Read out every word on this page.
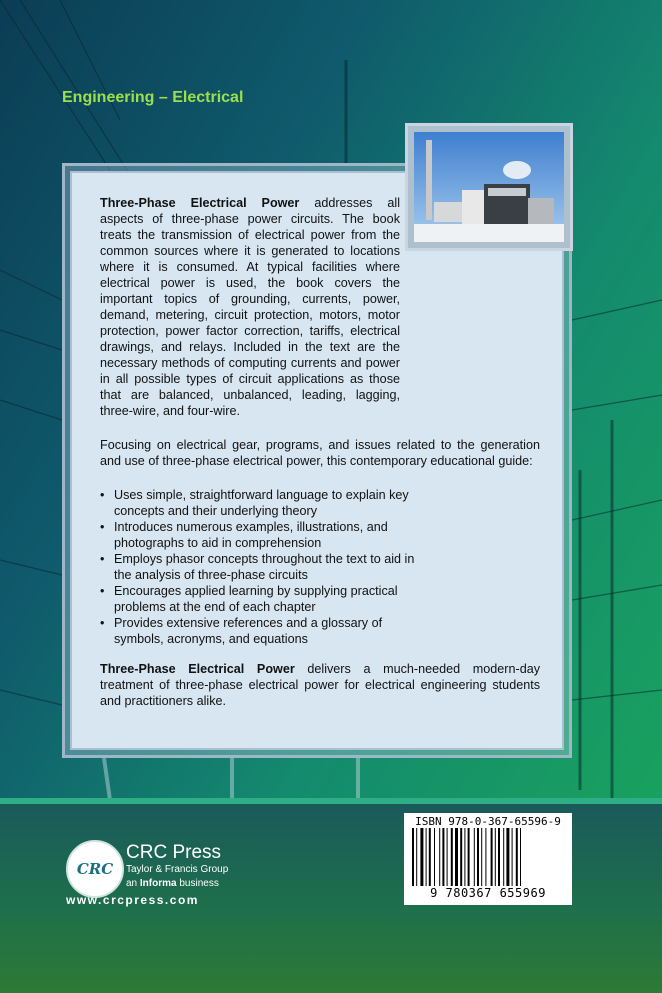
Engineering – Electrical

Three-Phase Electrical Power addresses all aspects of three-phase power circuits. The book treats the transmission of electrical power from the common sources where it is generated to locations where it is consumed. At typical facilities where electrical power is used, the book covers the important topics of grounding, currents, power, demand, metering, circuit protection, motors, motor protection, power factor correction, tariffs, electrical drawings, and relays. Included in the text are the necessary methods of computing currents and power in all possible types of circuit applications as those that are balanced, unbalanced, leading, lagging, three-wire, and four-wire.

Focusing on electrical gear, programs, and issues related to the generation and use of three-phase electrical power, this contemporary educational guide:

• Uses simple, straightforward language to explain key concepts and their underlying theory
• Introduces numerous examples, illustrations, and photographs to aid in comprehension
• Employs phasor concepts throughout the text to aid in the analysis of three-phase circuits
• Encourages applied learning by supplying practical problems at the end of each chapter
• Provides extensive references and a glossary of symbols, acronyms, and equations

Three-Phase Electrical Power delivers a much-needed modern-day treatment of three-phase electrical power for electrical engineering students and practitioners alike.

CRC
CRC Press
Taylor & Francis Group
an Informa business
www.crcpress.com
ISBN 978-0-367-65596-9
9 780367 655969
